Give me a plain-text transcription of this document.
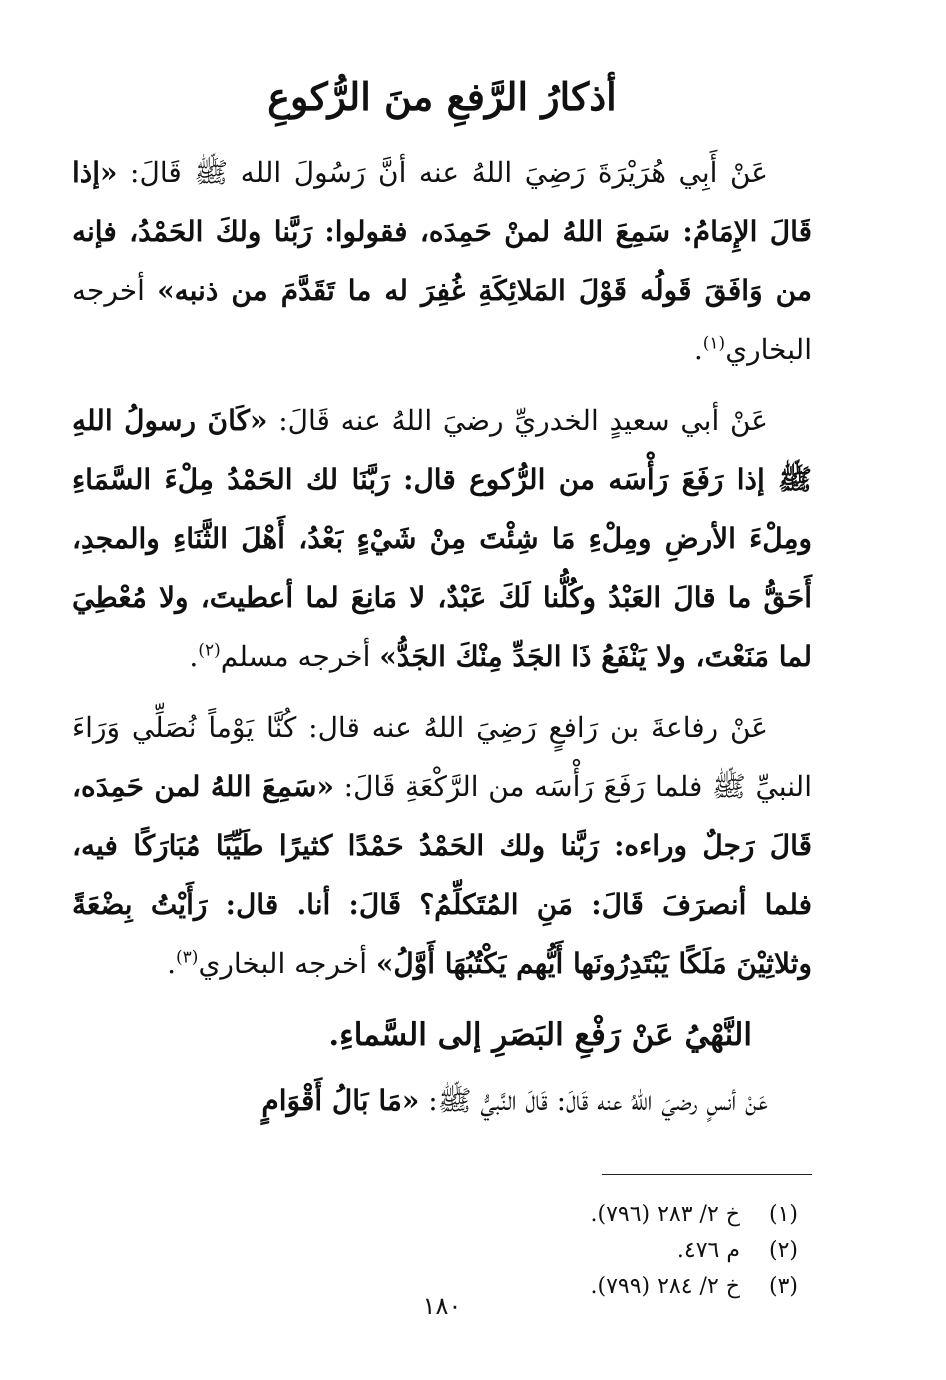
أذكارُ الرَّفعِ منَ الرُّكوعِ

عَنْ أَبِي هُرَيْرَةَ رَضِيَ اللهُ عنه أنَّ رَسُولَ الله ﷺ قَالَ: «إذا قَالَ الإِمَامُ: سَمِعَ اللهُ لمنْ حَمِدَه، فقولوا: رَبَّنا ولكَ الحَمْدُ، فإنه من وَافَقَ قَولُه قَوْلَ المَلائِكَةِ غُفِرَ له ما تَقَدَّمَ من ذنبه» أخرجه البخاري$^{(١)}$.

عَنْ أبي سعيدٍ الخدريِّ رضيَ اللهُ عنه قَالَ: «كَانَ رسولُ اللهِ ﷺ إذا رَفَعَ رَأْسَه من الرُّكوع قال: رَبَّنَا لك الحَمْدُ مِلْءَ السَّمَاءِ ومِلْءَ الأرضِ ومِلْءِ مَا شِئْتَ مِنْ شَيْءٍ بَعْدُ، أَهْلَ الثَّنَاءِ والمجدِ، أَحَقُّ ما قالَ العَبْدُ وكُلُّنا لَكَ عَبْدٌ، لا مَانِعَ لما أعطيتَ، ولا مُعْطِيَ لما مَنَعْتَ، ولا يَنْفَعُ ذَا الجَدِّ مِنْكَ الجَدُّ» أخرجه مسلم$^{(٢)}$.

عَنْ رفاعةَ بن رَافعٍ رَضِيَ اللهُ عنه قال: كُنَّا يَوْماً نُصَلِّي وَرَاءَ النبيِّ ﷺ فلما رَفَعَ رَأْسَه من الرَّكْعَةِ قَالَ: «سَمِعَ اللهُ لمن حَمِدَه، قَالَ رَجلٌ وراءه: رَبَّنا ولك الحَمْدُ حَمْدًا كثيرًا طَيِّبًا مُبَارَكًا فيه، فلما أنصرَفَ قَالَ: مَنِ المُتَكلِّمُ؟ قَالَ: أنا. قال: رَأَيْتُ بِضْعَةً وثلاثِيْنَ مَلَكًا يَبْتَدِرُونَها أَيُّهم يَكْتُبُهَا أَوَّلُ» أخرجه البخاري$^{(٣)}$.

النَّهْيُ عَنْ رَفْعِ البَصَرِ إلى السَّماءِ.

عَنْ أنسٍ رضيَ اللهُ عنه قَالَ: قَالَ النَّبيُّ ﷺ: «مَا بَالُ أَقْوَامٍ

(١)
خ ٢/ ٢٨٣ (٧٩٦).
(٢)
م ٤٧٦.
(٣)
خ ٢/ ٢٨٤ (٧٩٩).
١٨٠
